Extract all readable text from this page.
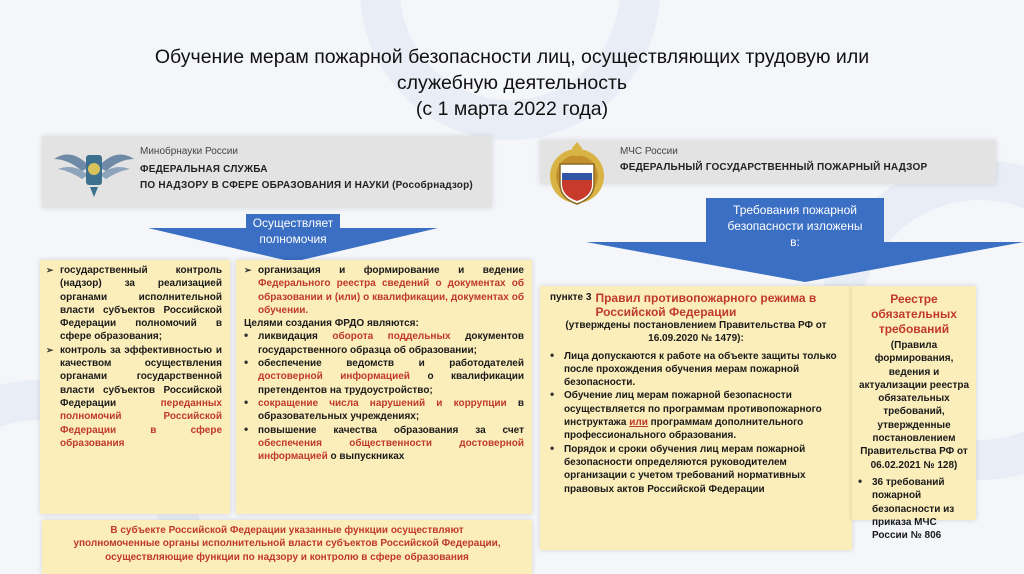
Обучение мерам пожарной безопасности лиц, осуществляющих трудовую или
служебную деятельность
(с 1 марта 2022 года)
Минобрнауки России
ФЕДЕРАЛЬНАЯ СЛУЖБА
ПО НАДЗОРУ В СФЕРЕ ОБРАЗОВАНИЯ И НАУКИ (Рособрнадзор)
МЧС России
ФЕДЕРАЛЬНЫЙ ГОСУДАРСТВЕННЫЙ ПОЖАРНЫЙ НАДЗОР
Осуществляет
полномочия
Требования пожарной
безопасности изложены
в:
➢ государственный контроль (надзор) за реализацией органами исполнительной власти субъектов Российской Федерации полномочий в сфере образования;
➢ контроль за эффективностью и качеством осуществления органами государственной власти субъектов Российской Федерации	переданных полномочий Российской Федерации в сфере образования
➢ организация и формирование и ведение Федерального реестра сведений о документах об образовании и (или) о квалификации, документах об обучении.
Целями создания ФРДО являются:
• ликвидация оборота поддельных документов государственного образца об образовании;
• обеспечение ведомств и работодателей достоверной информацией о квалификации претендентов на трудоустройство;
• сокращение числа нарушений и коррупции в образовательных учреждениях;
• повышение качества образования за счет обеспечения общественности достоверной информацией о выпускниках
В субъекте Российской Федерации указанные функции осуществляют
уполномоченные органы исполнительной власти субъектов Российской Федерации,
осуществляющие функции по надзору и контролю в сфере образования
пункте 3 Правил противопожарного режима в Российской Федерации
(утверждены постановлением Правительства РФ от 16.09.2020 № 1479):
• Лица допускаются к работе на объекте защиты только после прохождения обучения мерам пожарной безопасности.
• Обучение лиц мерам пожарной безопасности осуществляется по программам противопожарного инструктажа или программам дополнительного профессионального образования.
• Порядок и сроки обучения лиц мерам пожарной безопасности определяются руководителем организации с учетом требований нормативных правовых актов Российской Федерации
Реестре
обязательных
требований
(Правила формирования, ведения и актуализации реестра обязательных требований, утвержденные постановлением Правительства РФ от 06.02.2021 № 128)
• 36 требований пожарной безопасности из приказа МЧС России № 806
